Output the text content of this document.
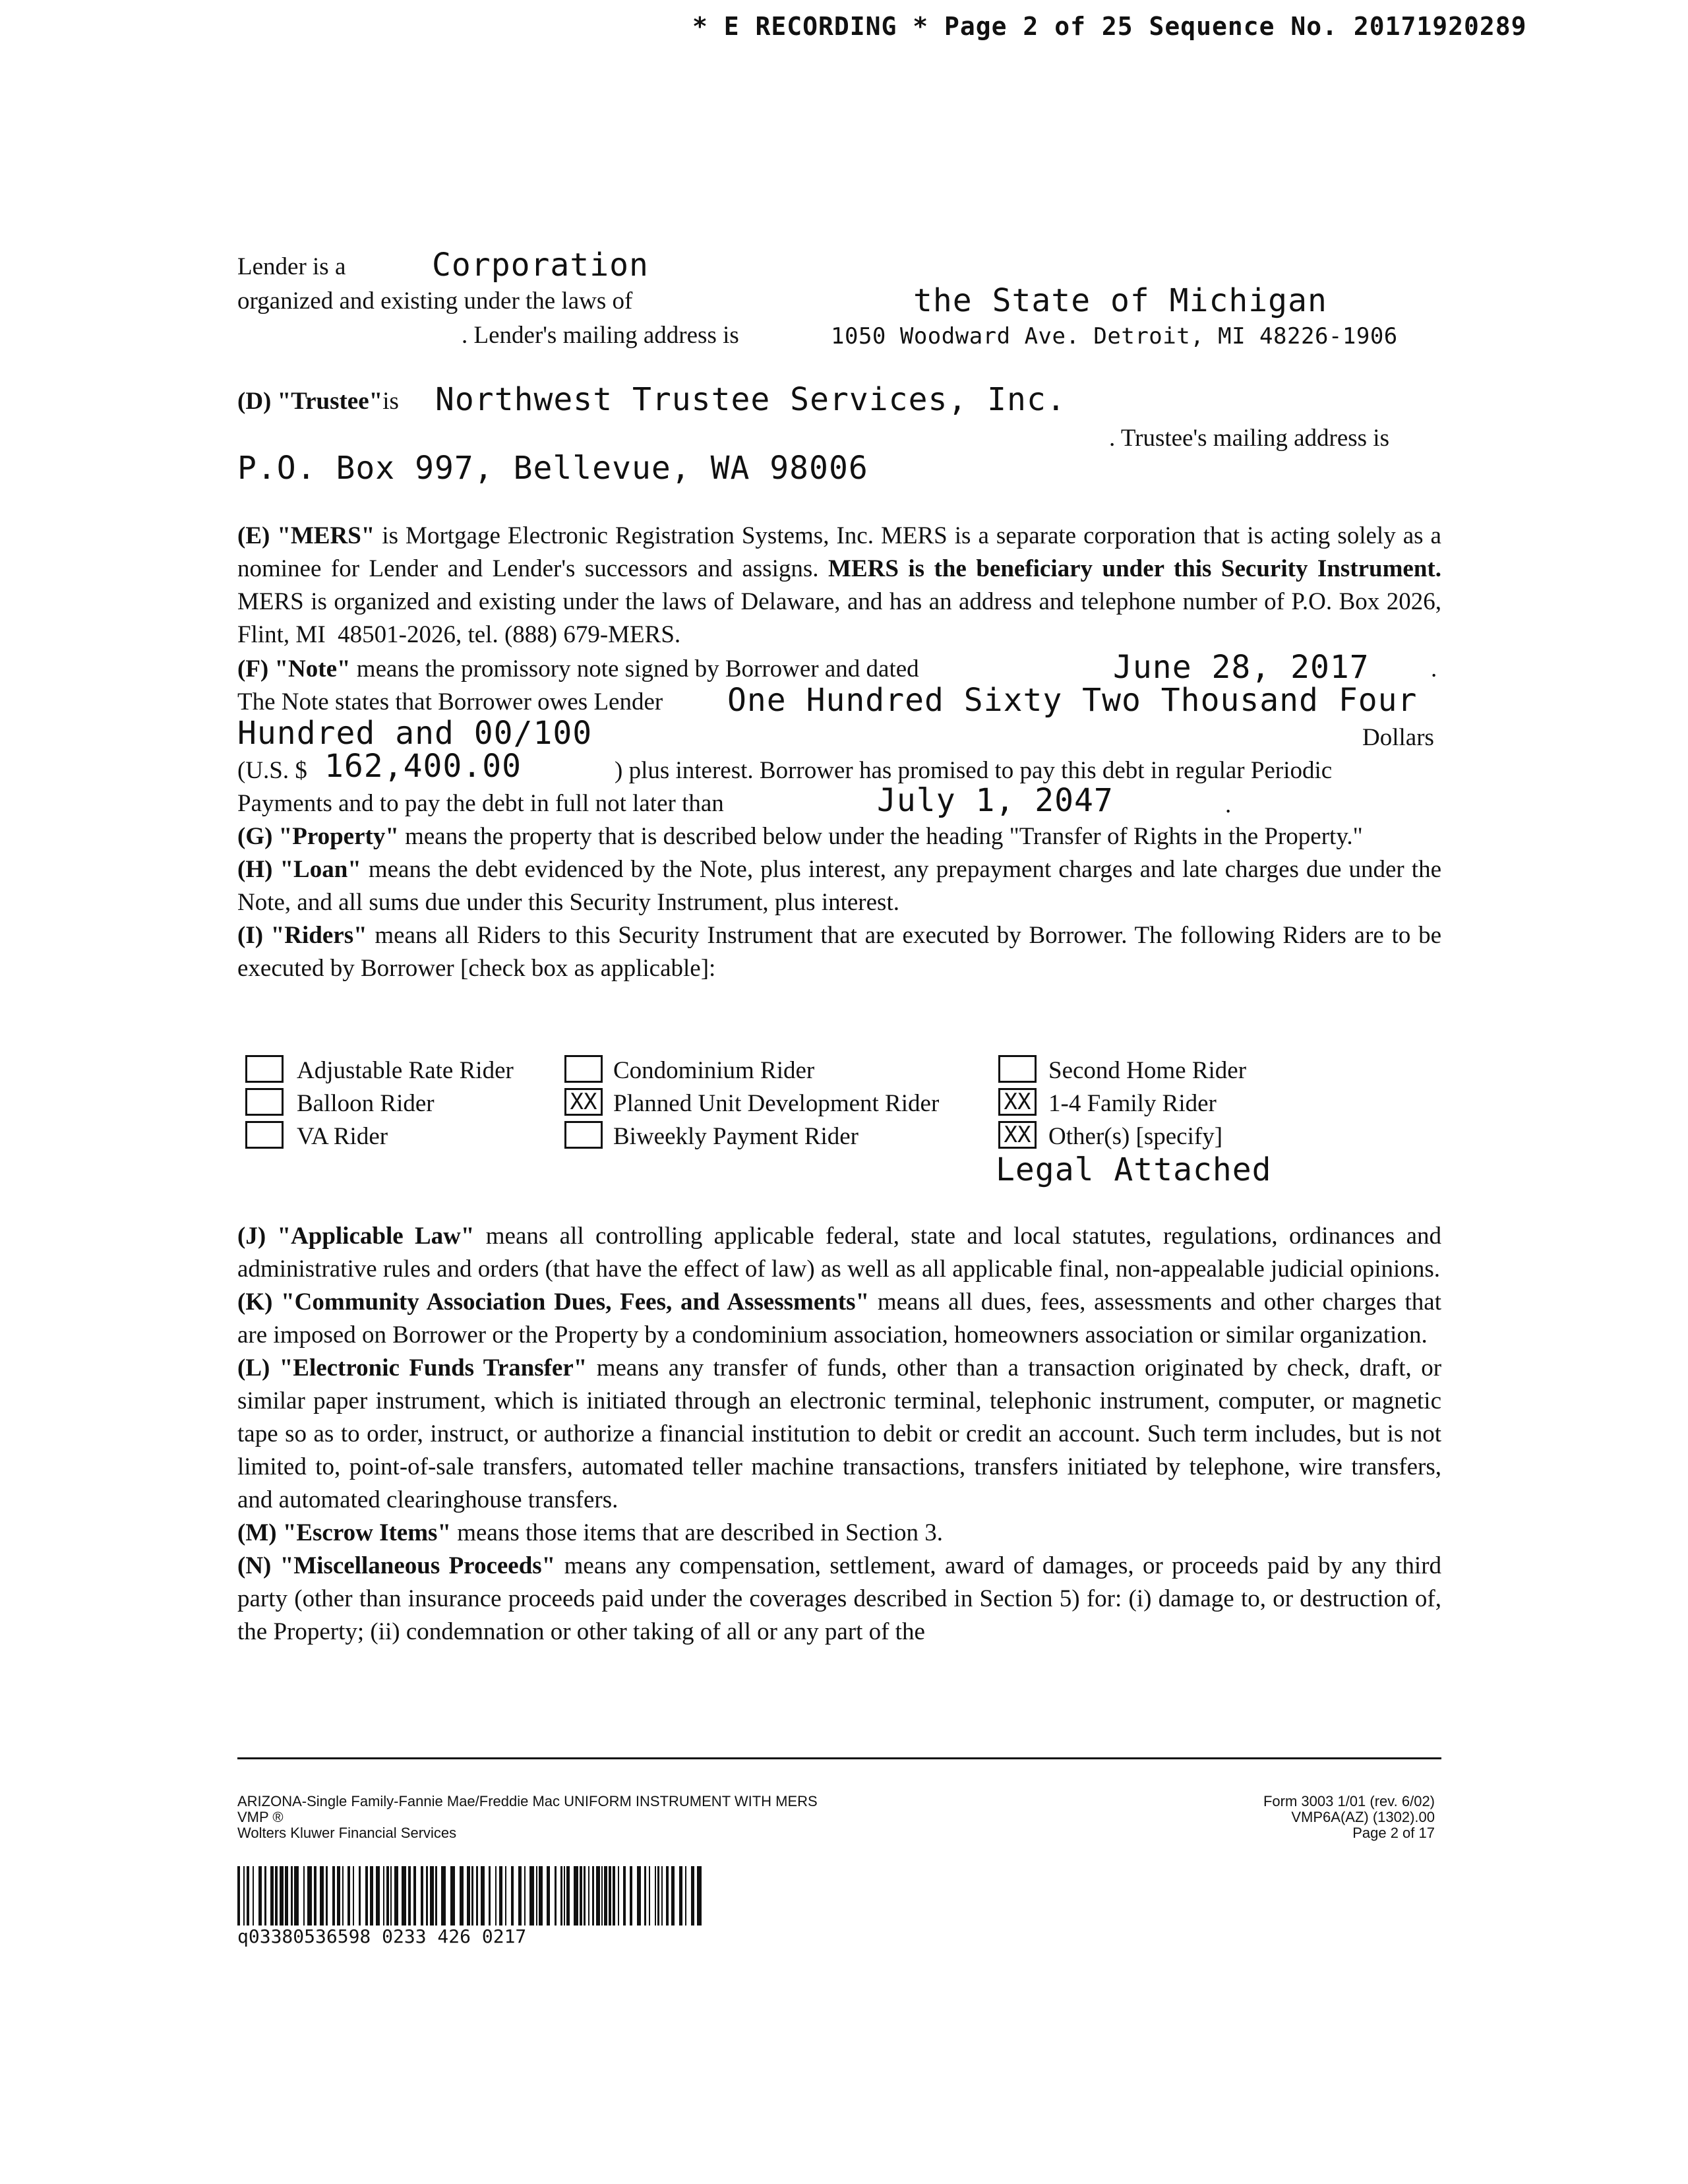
* E RECORDING * Page 2 of 25 Sequence No. 20171920289
Lender is a	Corporation
organized and existing under the laws of	the State of Michigan
. Lender's mailing address is	1050 Woodward Ave. Detroit, MI 48226-1906
(D) "Trustee"is Northwest Trustee Services, Inc.
. Trustee's mailing address is
P.O. Box 997, Bellevue, WA 98006
(E) "MERS" is Mortgage Electronic Registration Systems, Inc. MERS is a separate corporation that is acting solely as a nominee for Lender and Lender's successors and assigns. MERS is the beneficiary under this Security Instrument. MERS is organized and existing under the laws of Delaware, and has an address and telephone number of P.O. Box 2026, Flint, MI  48501-2026, tel. (888) 679-MERS.
(F) "Note" means the promissory note signed by Borrower and dated	June 28, 2017	.
The Note states that Borrower owes Lender One Hundred Sixty Two Thousand Four
Hundred and 00/100	Dollars
(U.S. $ 162,400.00	) plus interest. Borrower has promised to pay this debt in regular Periodic
Payments and to pay the debt in full not later than	July 1, 2047	.
(G) "Property" means the property that is described below under the heading "Transfer of Rights in the Property."
(H) "Loan" means the debt evidenced by the Note, plus interest, any prepayment charges and late charges due under the Note, and all sums due under this Security Instrument, plus interest.
(I) "Riders" means all Riders to this Security Instrument that are executed by Borrower. The following Riders are to be executed by Borrower [check box as applicable]:
Adjustable Rate Rider	Condominium Rider	Second Home Rider
Balloon Rider	XX Planned Unit Development Rider	XX 1-4 Family Rider
VA Rider	Biweekly Payment Rider	XX Other(s) [specify]
Legal Attached
(J) "Applicable Law" means all controlling applicable federal, state and local statutes, regulations, ordinances and administrative rules and orders (that have the effect of law) as well as all applicable final, non-appealable judicial opinions.
(K) "Community Association Dues, Fees, and Assessments" means all dues, fees, assessments and other charges that are imposed on Borrower or the Property by a condominium association, homeowners association or similar organization.
(L) "Electronic Funds Transfer" means any transfer of funds, other than a transaction originated by check, draft, or similar paper instrument, which is initiated through an electronic terminal, telephonic instrument, computer, or magnetic tape so as to order, instruct, or authorize a financial institution to debit or credit an account. Such term includes, but is not limited to, point-of-sale transfers, automated teller machine transactions, transfers initiated by telephone, wire transfers, and automated clearinghouse transfers.
(M) "Escrow Items" means those items that are described in Section 3.
(N) "Miscellaneous Proceeds" means any compensation, settlement, award of damages, or proceeds paid by any third party (other than insurance proceeds paid under the coverages described in Section 5) for: (i) damage to, or destruction of, the Property; (ii) condemnation or other taking of all or any part of the
ARIZONA-Single Family-Fannie Mae/Freddie Mac UNIFORM INSTRUMENT WITH MERS
VMP ®
Wolters Kluwer Financial Services
Form 3003 1/01 (rev. 6/02)
VMP6A(AZ) (1302).00
Page 2 of 17
q03380536598 0233 426 0217
